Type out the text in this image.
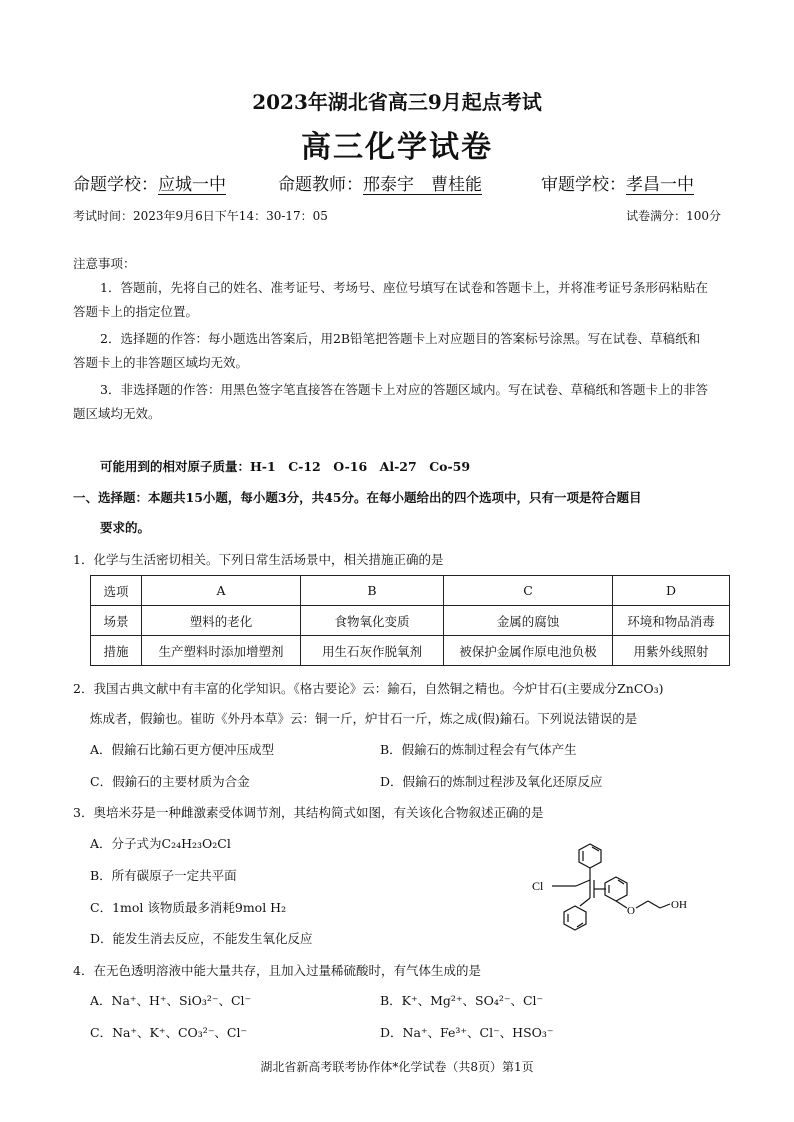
2023年湖北省高三9月起点考试
高三化学试卷
命题学校：应城一中	命题教师：邢泰宇　曹桂能	审题学校：孝昌一中
考试时间：2023年9月6日下午14：30-17：05	试卷满分：100分
注意事项：
1．答题前，先将自己的姓名、准考证号、考场号、座位号填写在试卷和答题卡上，并将准考证号条形码粘贴在
答题卡上的指定位置。
2．选择题的作答：每小题选出答案后，用2B铅笔把答题卡上对应题目的答案标号涂黑。写在试卷、草稿纸和
答题卡上的非答题区域均无效。
3．非选择题的作答：用黑色签字笔直接答在答题卡上对应的答题区域内。写在试卷、草稿纸和答题卡上的非答
题区域均无效。
可能用到的相对原子质量：H-1　C-12　O-16　Al-27　Co-59
一、选择题：本题共15小题，每小题3分，共45分。在每小题给出的四个选项中，只有一项是符合题目
要求的。
1．化学与生活密切相关。下列日常生活场景中，相关措施正确的是
选项	A	B	C	D
场景	塑料的老化	食物氧化变质	金属的腐蚀	环境和物品消毒
措施	生产塑料时添加增塑剂	用生石灰作脱氧剂	被保护金属作原电池负极	用紫外线照射
2．我国古典文献中有丰富的化学知识。《格古要论》云：鍮石，自然铜之精也。今炉甘石(主要成分ZnCO₃)
炼成者，假鍮也。崔昉《外丹本草》云：铜一斤，炉甘石一斤，炼之成(假)鍮石。下列说法错误的是
A．假鍮石比鍮石更方便冲压成型	B．假鍮石的炼制过程会有气体产生
C．假鍮石的主要材质为合金	D．假鍮石的炼制过程涉及氧化还原反应
3．奥培米芬是一种雌激素受体调节剂，其结构简式如图，有关该化合物叙述正确的是
A．分子式为C₂₄H₂₃O₂Cl
B．所有碳原子一定共平面
C．1mol 该物质最多消耗9mol H₂
D．能发生消去反应，不能发生氧化反应
Cl
O	OH
4．在无色透明溶液中能大量共存，且加入过量稀硫酸时，有气体生成的是
A．Na⁺、H⁺、SiO₃²⁻、Cl⁻	B．K⁺、Mg²⁺、SO₄²⁻、Cl⁻
C．Na⁺、K⁺、CO₃²⁻、Cl⁻	D．Na⁺、Fe³⁺、Cl⁻、HSO₃⁻
湖北省新高考联考协作体*化学试卷（共8页）第1页
